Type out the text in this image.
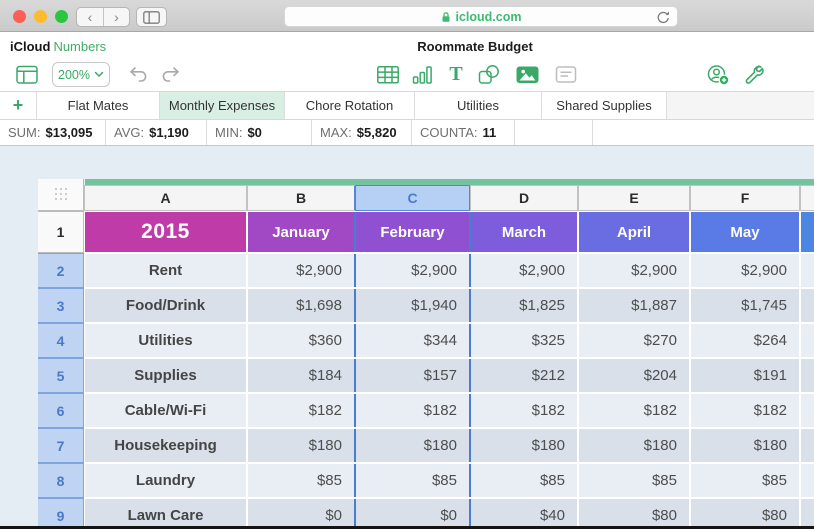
‹	›	icloud.com
iCloud Numbers	Roommate Budget
200%	T
+	Flat Mates	Monthly Expenses	Chore Rotation	Utilities	Shared Supplies
SUM: $13,095 AVG: $1,190 MIN: $0	MAX: $5,820 COUNTA: 11
A	B	C	D	E	F
1	2015	January	February	March	April	May
2	Rent	$2,900	$2,900	$2,900	$2,900	$2,900
3	Food/Drink	$1,698	$1,940	$1,825	$1,887	$1,745
4	Utilities	$360	$344	$325	$270	$264
5	Supplies	$184	$157	$212	$204	$191
6	Cable/Wi-Fi	$182	$182	$182	$182	$182
7	Housekeeping	$180	$180	$180	$180	$180
8	Laundry	$85	$85	$85	$85	$85
9	Lawn Care	$0	$0	$40	$80	$80
